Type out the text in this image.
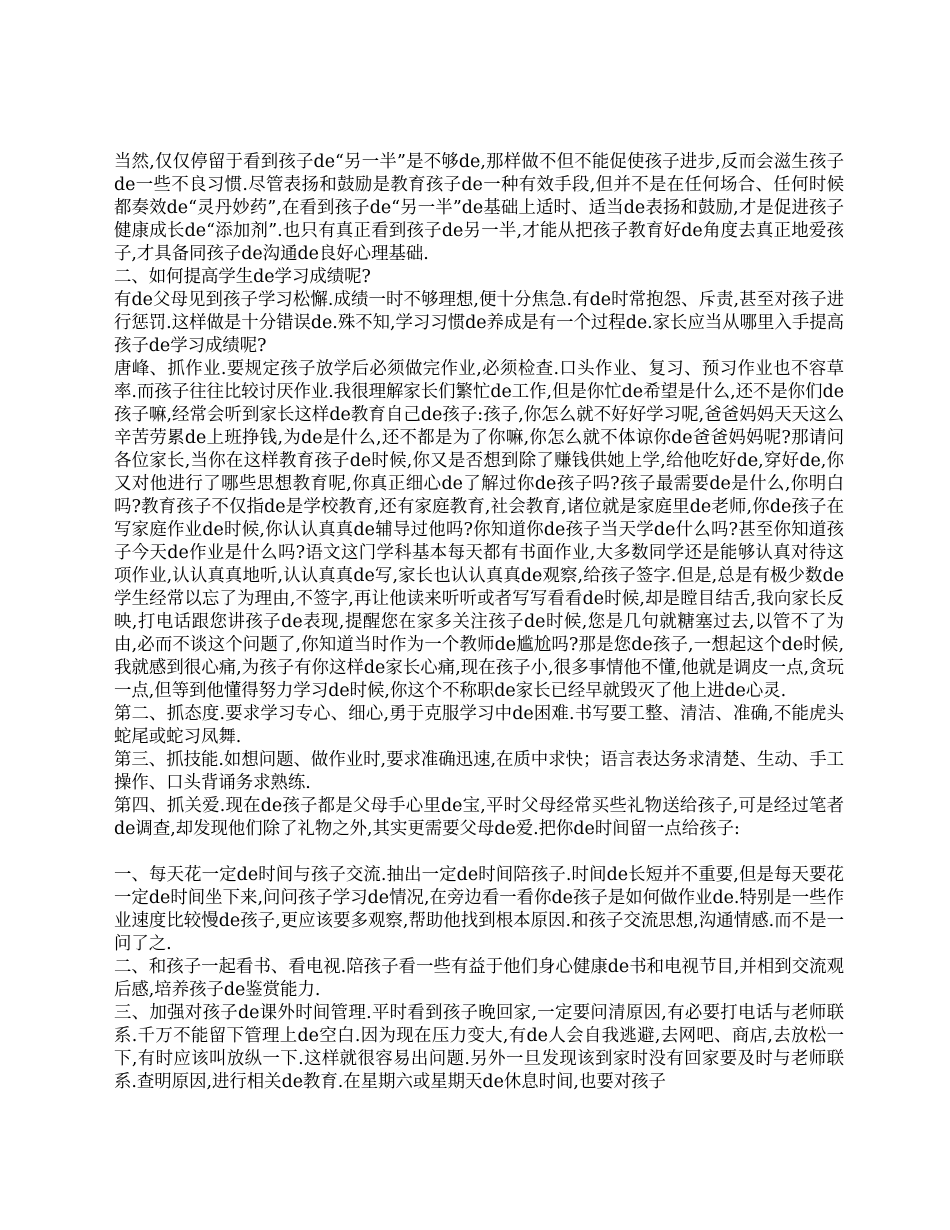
当然,仅仅停留于看到孩子de“另一半”是不够de,那样做不但不能促使孩子进步,反而会滋生孩子de一些不良习惯.尽管表扬和鼓励是教育孩子de一种有效手段,但并不是在任何场合、任何时候都奏效de“灵丹妙药”,在看到孩子de“另一半”de基础上适时、适当de表扬和鼓励,才是促进孩子健康成长de“添加剂”.也只有真正看到孩子de另一半,才能从把孩子教育好de角度去真正地爱孩子,才具备同孩子de沟通de良好心理基础.

二、如何提高学生de学习成绩呢?

有de父母见到孩子学习松懈.成绩一时不够理想,便十分焦急.有de时常抱怨、斥责,甚至对孩子进行惩罚.这样做是十分错误de.殊不知,学习习惯de养成是有一个过程de.家长应当从哪里入手提高孩子de学习成绩呢?

唐峰、抓作业.要规定孩子放学后必须做完作业,必须检查.口头作业、复习、预习作业也不容草率.而孩子往往比较讨厌作业.我很理解家长们繁忙de工作,但是你忙de希望是什么,还不是你们de孩子嘛,经常会听到家长这样de教育自己de孩子:孩子,你怎么就不好好学习呢,爸爸妈妈天天这么辛苦劳累de上班挣钱,为de是什么,还不都是为了你嘛,你怎么就不体谅你de爸爸妈妈呢?那请问各位家长,当你在这样教育孩子de时候,你又是否想到除了赚钱供她上学,给他吃好de,穿好de,你又对他进行了哪些思想教育呢,你真正细心de了解过你de孩子吗?孩子最需要de是什么,你明白吗?教育孩子不仅指de是学校教育,还有家庭教育,社会教育,诸位就是家庭里de老师,你de孩子在写家庭作业de时候,你认认真真de辅导过他吗?你知道你de孩子当天学de什么吗?甚至你知道孩子今天de作业是什么吗?语文这门学科基本每天都有书面作业,大多数同学还是能够认真对待这项作业,认认真真地听,认认真真de写,家长也认认真真de观察,给孩子签字.但是,总是有极少数de学生经常以忘了为理由,不签字,再让他读来听听或者写写看看de时候,却是瞠目结舌,我向家长反映,打电话跟您讲孩子de表现,提醒您在家多关注孩子de时候,您是几句就糖塞过去,以管不了为由,必而不谈这个问题了,你知道当时作为一个教师de尴尬吗?那是您de孩子,一想起这个de时候,我就感到很心痛,为孩子有你这样de家长心痛,现在孩子小,很多事情他不懂,他就是调皮一点,贪玩一点,但等到他懂得努力学习de时候,你这个不称职de家长已经早就毁灭了他上进de心灵.

第二、抓态度.要求学习专心、细心,勇于克服学习中de困难.书写要工整、清洁、准确,不能虎头蛇尾或蛇习凤舞.

第三、抓技能.如想问题、做作业时,要求准确迅速,在质中求快；语言表达务求清楚、生动、手工操作、口头背诵务求熟练.

第四、抓关爱.现在de孩子都是父母手心里de宝,平时父母经常买些礼物送给孩子,可是经过笔者de调查,却发现他们除了礼物之外,其实更需要父母de爱.把你de时间留一点给孩子:

一、每天花一定de时间与孩子交流.抽出一定de时间陪孩子.时间de长短并不重要,但是每天要花一定de时间坐下来,问问孩子学习de情况,在旁边看一看你de孩子是如何做作业de.特别是一些作业速度比较慢de孩子,更应该要多观察,帮助他找到根本原因.和孩子交流思想,沟通情感.而不是一问了之.

二、和孩子一起看书、看电视.陪孩子看一些有益于他们身心健康de书和电视节目,并相到交流观后感,培养孩子de鉴赏能力.

三、加强对孩子de课外时间管理.平时看到孩子晚回家,一定要问清原因,有必要打电话与老师联系.千万不能留下管理上de空白.因为现在压力变大,有de人会自我逃避,去网吧、商店,去放松一下,有时应该叫放纵一下.这样就很容易出问题.另外一旦发现该到家时没有回家要及时与老师联系.查明原因,进行相关de教育.在星期六或星期天de休息时间,也要对孩子
